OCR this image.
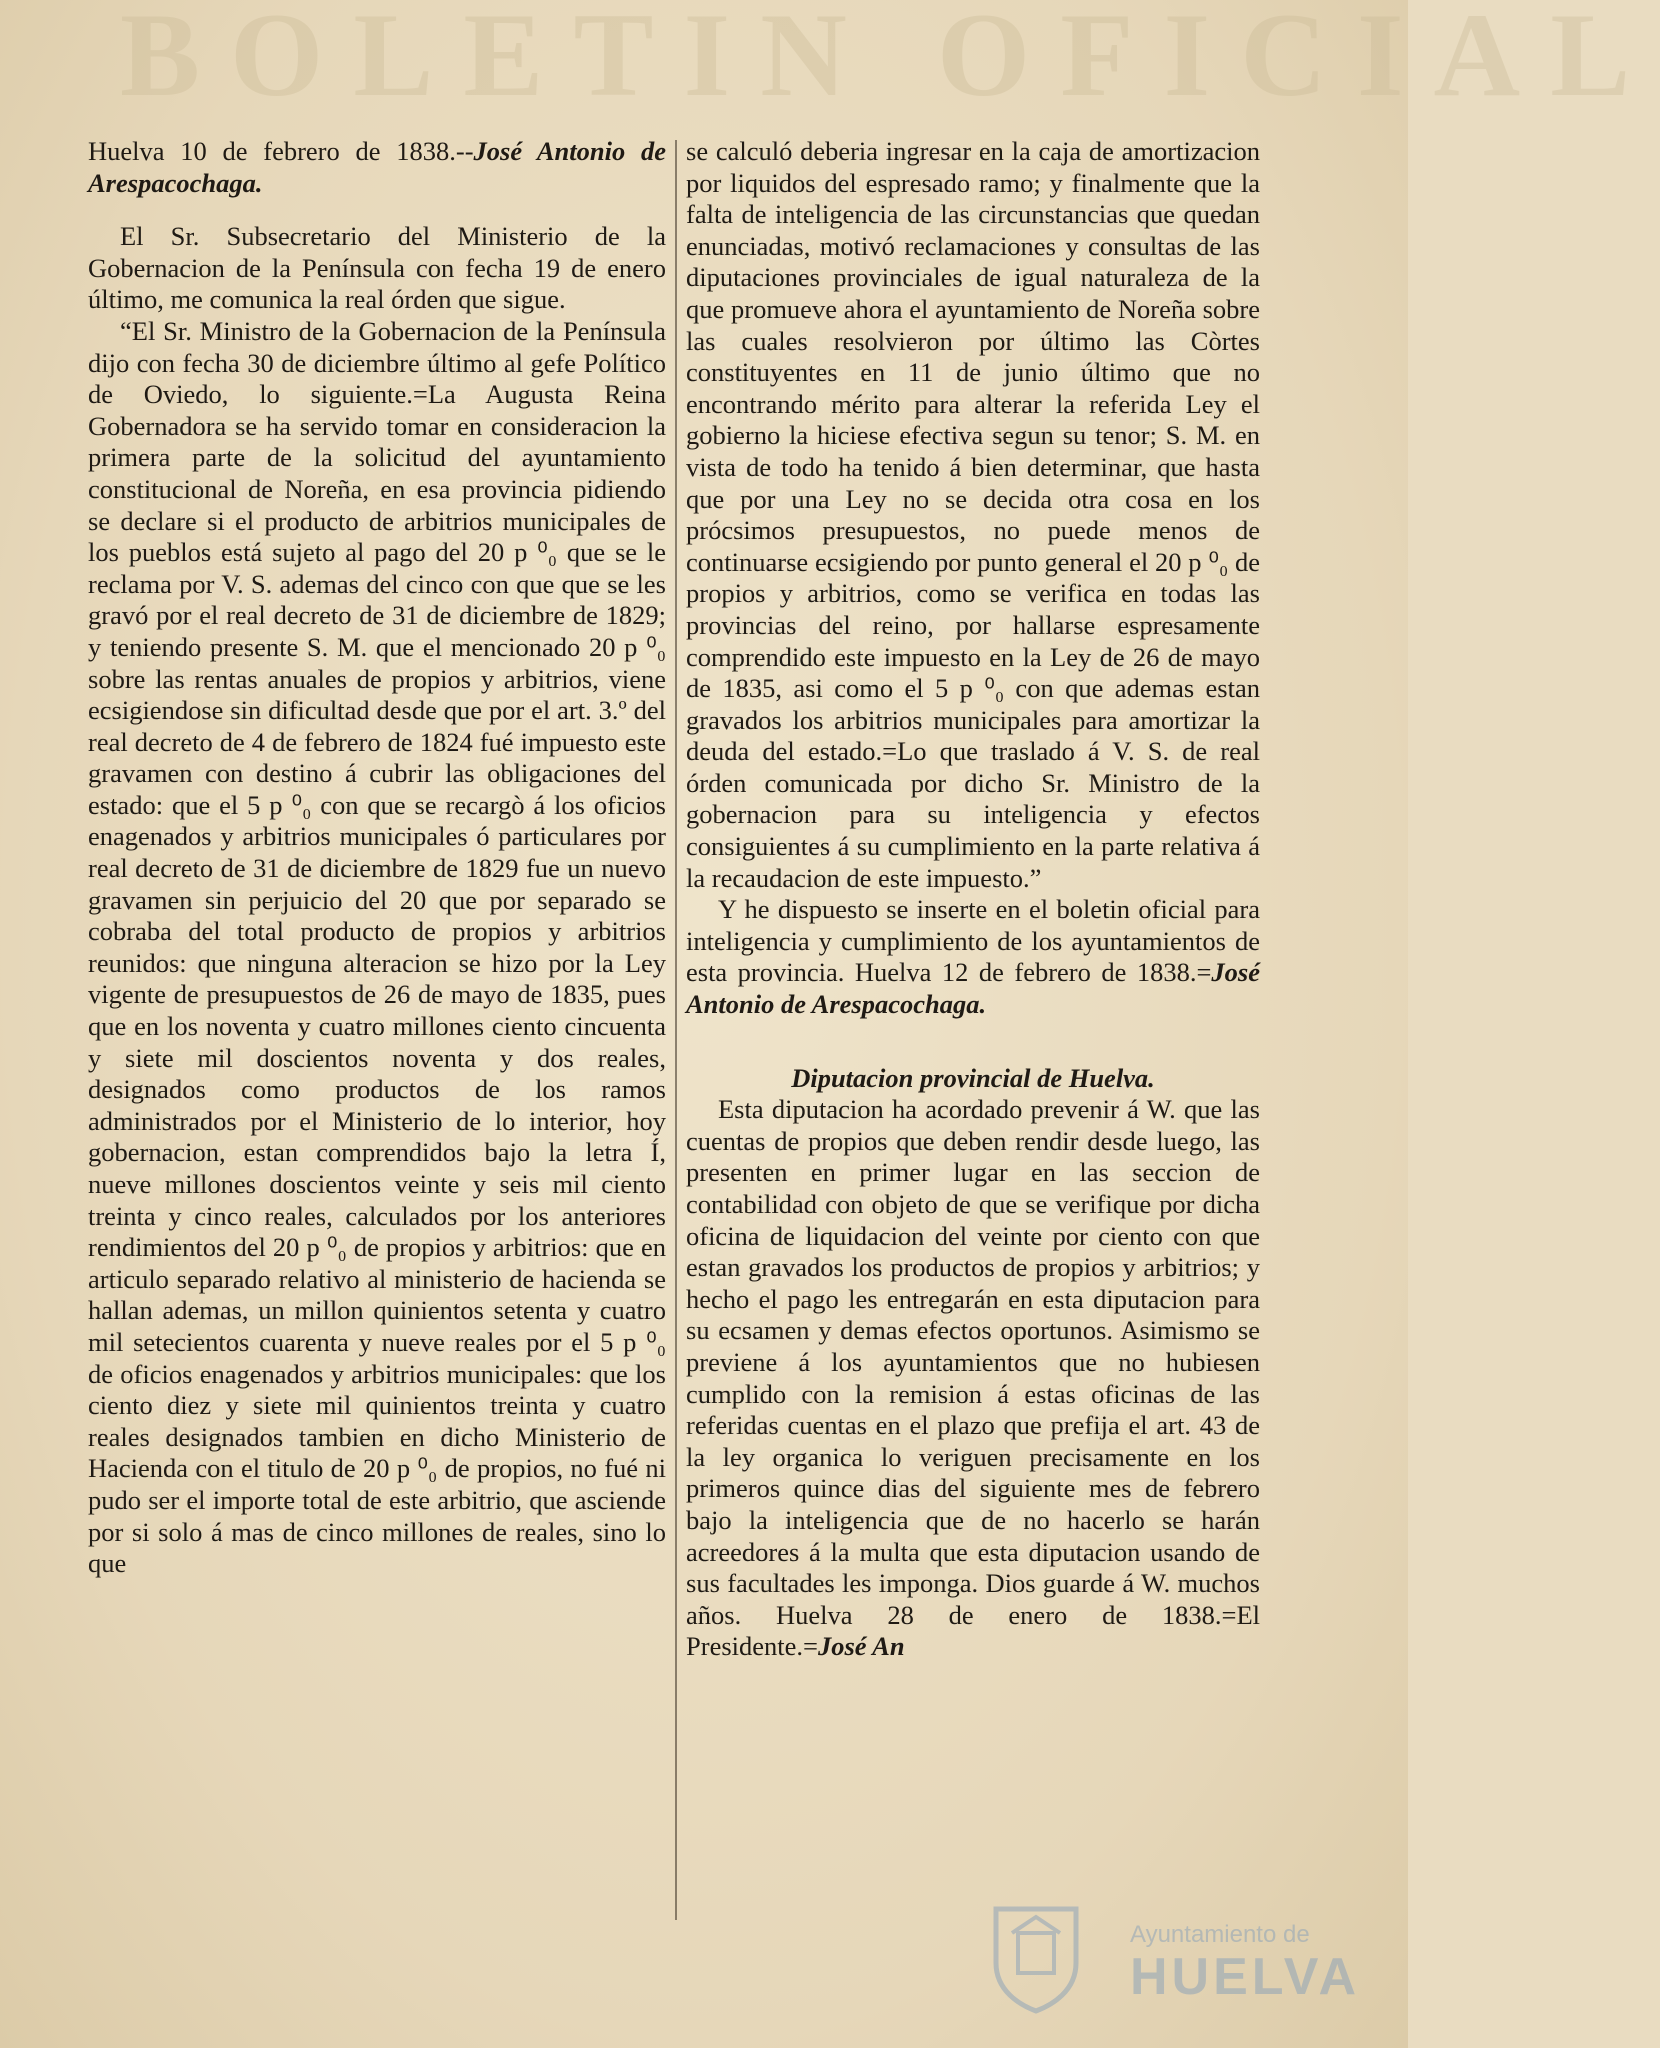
BOLETIN OFICIAL

Huelva 10 de febrero de 1838.--José Antonio de Arespacochaga.

El Sr. Subsecretario del Ministerio de la Gobernacion de la Península con fecha 19 de enero último, me comunica la real órden que sigue.

“El Sr. Ministro de la Gobernacion de la Península dijo con fecha 30 de diciembre último al gefe Político de Oviedo, lo siguiente.=La Augusta Reina Gobernadora se ha servido tomar en consideracion la primera parte de la solicitud del ayuntamiento constitucional de Noreña, en esa provincia pidiendo se declare si el producto de arbitrios municipales de los pueblos está sujeto al pago del 20 p ⁰₀ que se le reclama por V. S. ademas del cinco con que que se les gravó por el real decreto de 31 de diciembre de 1829; y teniendo presente S. M. que el mencionado 20 p ⁰₀ sobre las rentas anuales de propios y arbitrios, viene ecsigiendose sin dificultad desde que por el art. 3.º del real decreto de 4 de febrero de 1824 fué impuesto este gravamen con destino á cubrir las obligaciones del estado: que el 5 p ⁰₀ con que se recargò á los oficios enagenados y arbitrios municipales ó particulares por real decreto de 31 de diciembre de 1829 fue un nuevo gravamen sin perjuicio del 20 que por separado se cobraba del total producto de propios y arbitrios reunidos: que ninguna alteracion se hizo por la Ley vigente de presupuestos de 26 de mayo de 1835, pues que en los noventa y cuatro millones ciento cincuenta y siete mil doscientos noventa y dos reales, designados como productos de los ramos administrados por el Ministerio de lo interior, hoy gobernacion, estan comprendidos bajo la letra Í, nueve millones doscientos veinte y seis mil ciento treinta y cinco reales, calculados por los anteriores rendimientos del 20 p ⁰₀ de propios y arbitrios: que en articulo separado relativo al ministerio de hacienda se hallan ademas, un millon quinientos setenta y cuatro mil setecientos cuarenta y nueve reales por el 5 p ⁰₀ de oficios enagenados y arbitrios municipales: que los ciento diez y siete mil quinientos treinta y cuatro reales designados tambien en dicho Ministerio de Hacienda con el titulo de 20 p ⁰₀ de propios, no fué ni pudo ser el importe total de este arbitrio, que asciende por si solo á mas de cinco millones de reales, sino lo que

se calculó deberia ingresar en la caja de amortizacion por liquidos del espresado ramo; y finalmente que la falta de inteligencia de las circunstancias que quedan enunciadas, motivó reclamaciones y consultas de las diputaciones provinciales de igual naturaleza de la que promueve ahora el ayuntamiento de Noreña sobre las cuales resolvieron por último las Còrtes constituyentes en 11 de junio último que no encontrando mérito para alterar la referida Ley el gobierno la hiciese efectiva segun su tenor; S. M. en vista de todo ha tenido á bien determinar, que hasta que por una Ley no se decida otra cosa en los prócsimos presupuestos, no puede menos de continuarse ecsigiendo por punto general el 20 p ⁰₀ de propios y arbitrios, como se verifica en todas las provincias del reino, por hallarse espresamente comprendido este impuesto en la Ley de 26 de mayo de 1835, asi como el 5 p ⁰₀ con que ademas estan gravados los arbitrios municipales para amortizar la deuda del estado.=Lo que traslado á V. S. de real órden comunicada por dicho Sr. Ministro de la gobernacion para su inteligencia y efectos consiguientes á su cumplimiento en la parte relativa á la recaudacion de este impuesto.”

Y he dispuesto se inserte en el boletin oficial para inteligencia y cumplimiento de los ayuntamientos de esta provincia. Huelva 12 de febrero de 1838.=José Antonio de Arespacochaga.

Diputacion provincial de Huelva.

Esta diputacion ha acordado prevenir á W. que las cuentas de propios que deben rendir desde luego, las presenten en primer lugar en las seccion de contabilidad con objeto de que se verifique por dicha oficina de liquidacion del veinte por ciento con que estan gravados los productos de propios y arbitrios; y hecho el pago les entregarán en esta diputacion para su ecsamen y demas efectos oportunos. Asimismo se previene á los ayuntamientos que no hubiesen cumplido con la remision á estas oficinas de las referidas cuentas en el plazo que prefija el art. 43 de la ley organica lo veriguen precisamente en los primeros quince dias del siguiente mes de febrero bajo la inteligencia que de no hacerlo se harán acreedores á la multa que esta diputacion usando de sus facultades les imponga. Dios guarde á W. muchos años. Huelva 28 de enero de 1838.=El Presidente.=José An

Ayuntamiento de
HUELVA
